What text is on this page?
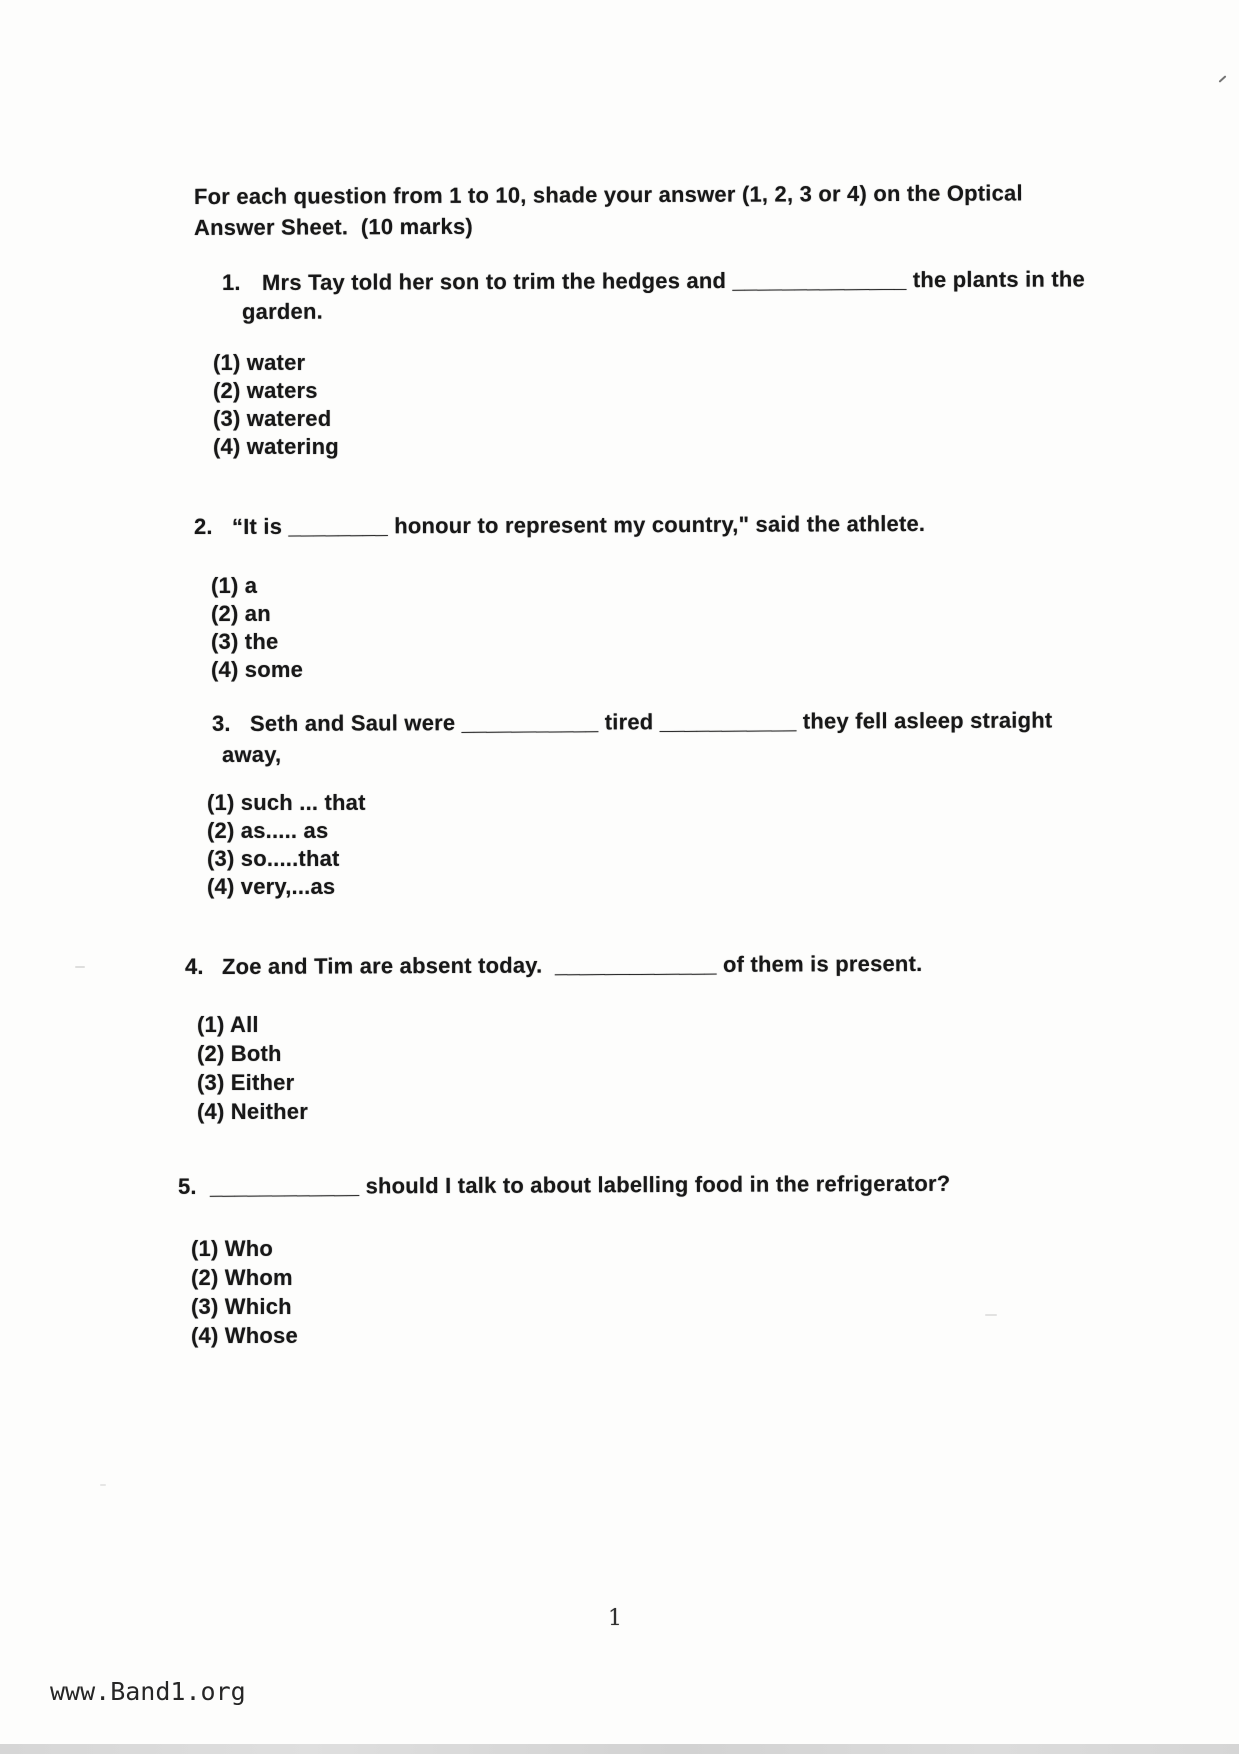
For each question from 1 to 10, shade your answer (1, 2, 3 or 4) on the Optical
Answer Sheet.  (10 marks)
1. Mrs Tay told her son to trim the hedges and ______________ the plants in the
garden.
(1) water
(2) waters
(3) watered
(4) watering
2. “It is ________ honour to represent my country," said the athlete.
(1) a
(2) an
(3) the
(4) some
3. Seth and Saul were ___________ tired ___________ they fell asleep straight
away,
(1) such ... that
(2) as..... as
(3) so.....that
(4) very,...as
4. Zoe and Tim are absent today.  _____________ of them is present.
(1) All
(2) Both
(3) Either
(4) Neither
5. ____________ should I talk to about labelling food in the refrigerator?
(1) Who
(2) Whom
(3) Which
(4) Whose
1
www.Band1.org
